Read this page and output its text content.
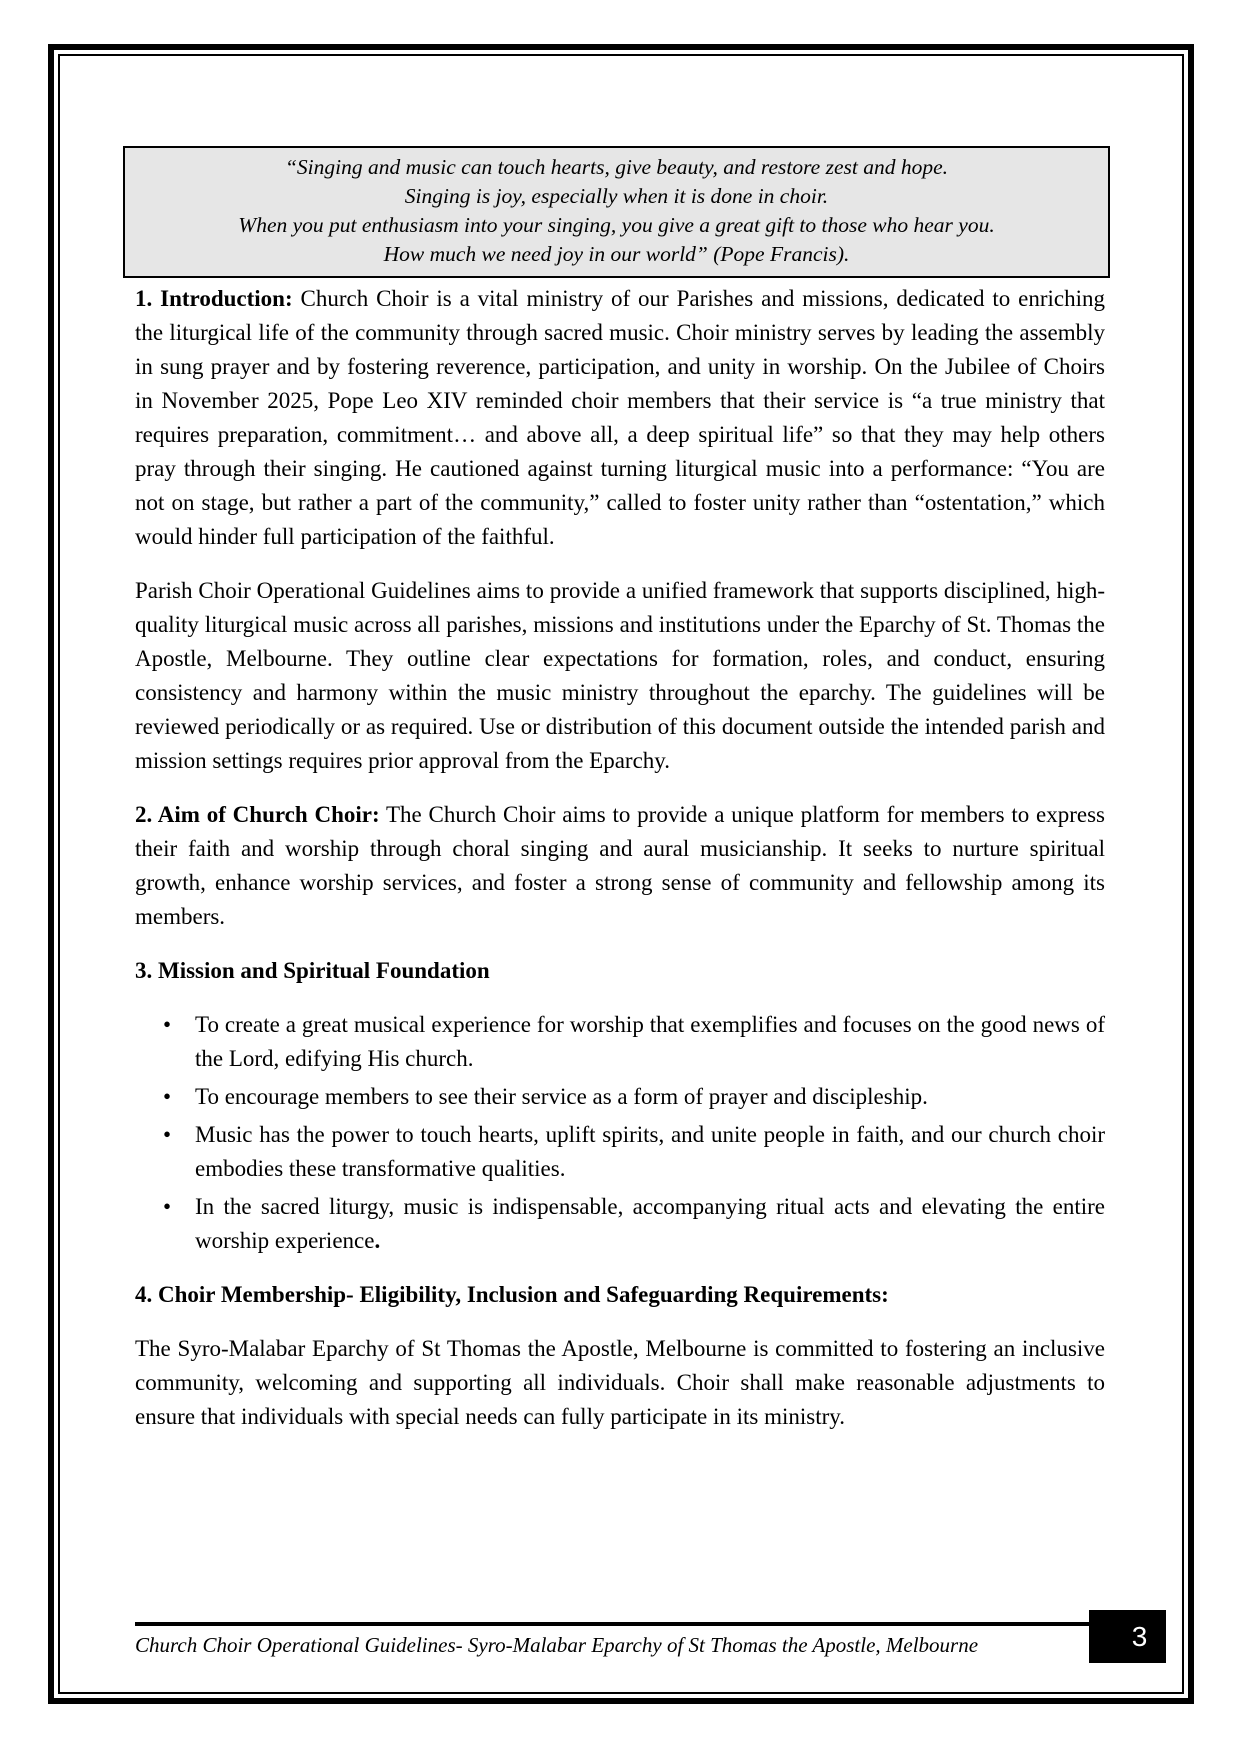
“Singing and music can touch hearts, give beauty, and restore zest and hope.
Singing is joy, especially when it is done in choir.
When you put enthusiasm into your singing, you give a great gift to those who hear you.
How much we need joy in our world” (Pope Francis).

1. Introduction: Church Choir is a vital ministry of our Parishes and missions, dedicated to enriching the liturgical life of the community through sacred music. Choir ministry serves by leading the assembly in sung prayer and by fostering reverence, participation, and unity in worship. On the Jubilee of Choirs in November 2025, Pope Leo XIV reminded choir members that their service is “a true ministry that requires preparation, commitment… and above all, a deep spiritual life” so that they may help others pray through their singing. He cautioned against turning liturgical music into a performance: “You are not on stage, but rather a part of the community,” called to foster unity rather than “ostentation,” which would hinder full participation of the faithful.

Parish Choir Operational Guidelines aims to provide a unified framework that supports disciplined, high-quality liturgical music across all parishes, missions and institutions under the Eparchy of St. Thomas the Apostle, Melbourne. They outline clear expectations for formation, roles, and conduct, ensuring consistency and harmony within the music ministry throughout the eparchy. The guidelines will be reviewed periodically or as required. Use or distribution of this document outside the intended parish and mission settings requires prior approval from the Eparchy.

2. Aim of Church Choir: The Church Choir aims to provide a unique platform for members to express their faith and worship through choral singing and aural musicianship. It seeks to nurture spiritual growth, enhance worship services, and foster a strong sense of community and fellowship among its members.

3. Mission and Spiritual Foundation

• To create a great musical experience for worship that exemplifies and focuses on the good news of the Lord, edifying His church.
• To encourage members to see their service as a form of prayer and discipleship.
• Music has the power to touch hearts, uplift spirits, and unite people in faith, and our church choir embodies these transformative qualities.
• In the sacred liturgy, music is indispensable, accompanying ritual acts and elevating the entire worship experience.

4. Choir Membership- Eligibility, Inclusion and Safeguarding Requirements:

The Syro-Malabar Eparchy of St Thomas the Apostle, Melbourne is committed to fostering an inclusive community, welcoming and supporting all individuals. Choir shall make reasonable adjustments to ensure that individuals with special needs can fully participate in its ministry.

Church Choir Operational Guidelines- Syro-Malabar Eparchy of St Thomas the Apostle, Melbourne	3
